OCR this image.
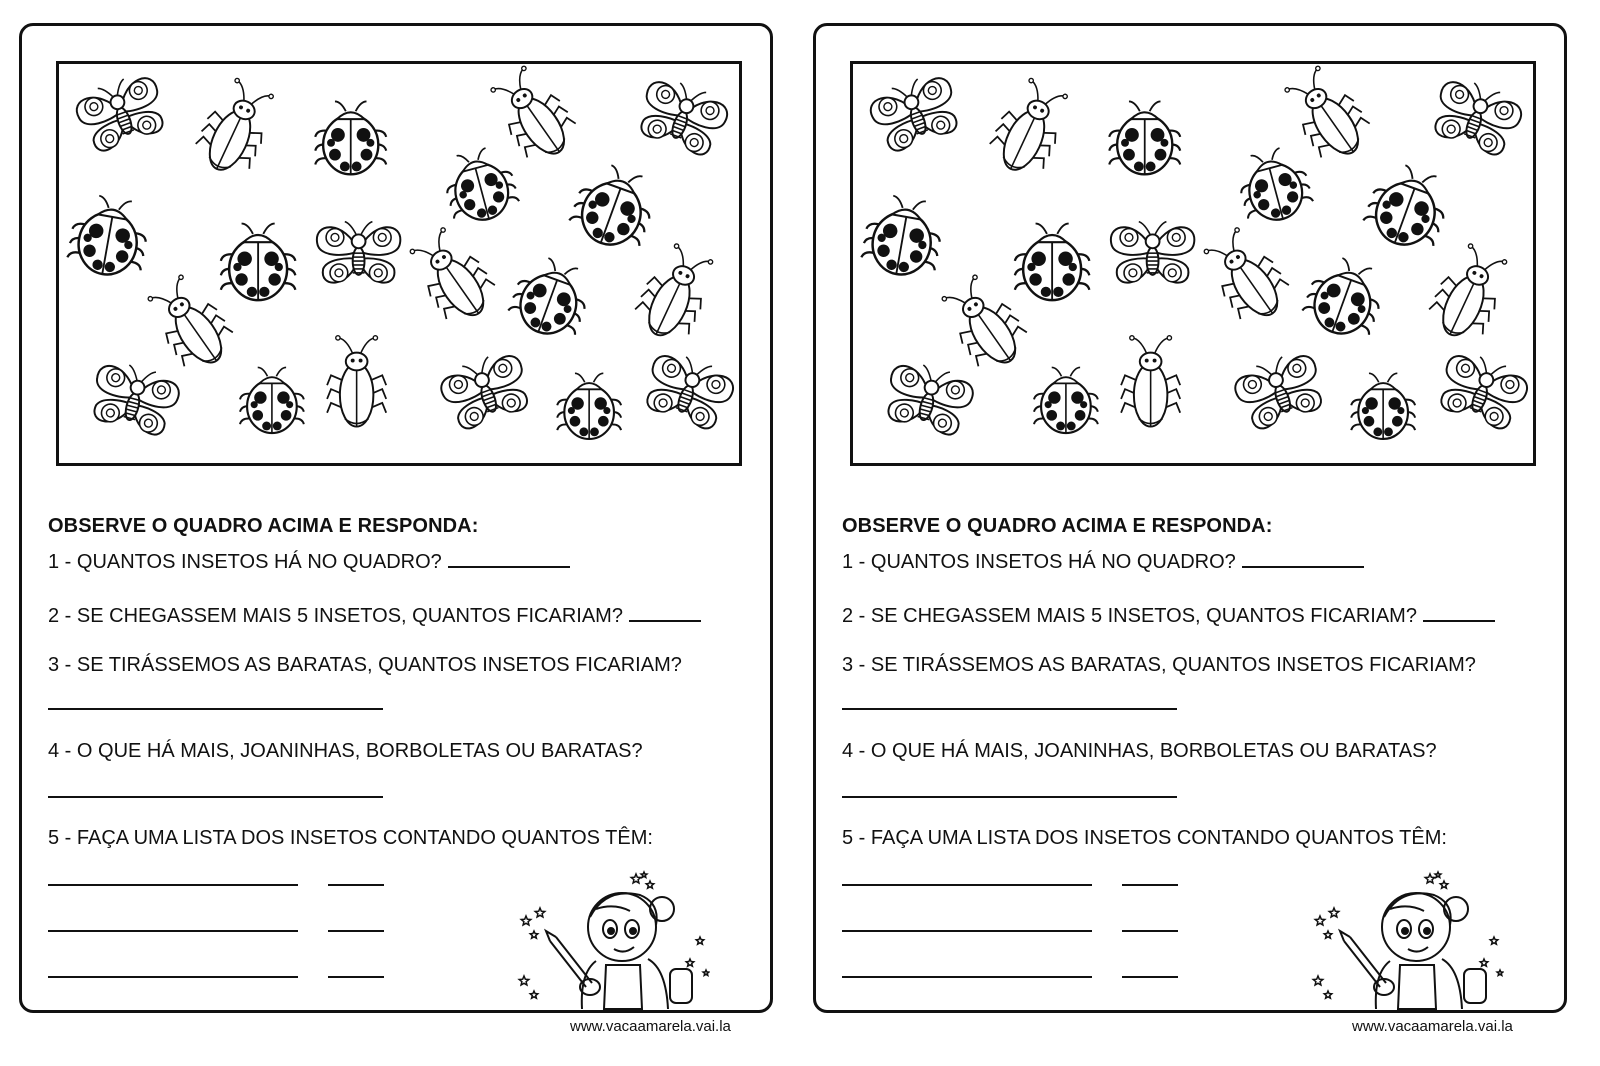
OBSERVE O QUADRO ACIMA E RESPONDA:
1 - QUANTOS INSETOS HÁ NO QUADRO?
2 - SE CHEGASSEM MAIS 5 INSETOS, QUANTOS FICARIAM?
3 - SE TIRÁSSEMOS AS BARATAS, QUANTOS INSETOS FICARIAM?
4 - O QUE HÁ MAIS, JOANINHAS, BORBOLETAS OU BARATAS?
5 - FAÇA UMA LISTA DOS INSETOS CONTANDO QUANTOS TÊM:
OBSERVE O QUADRO ACIMA E RESPONDA:
1 - QUANTOS INSETOS HÁ NO QUADRO?
2 - SE CHEGASSEM MAIS 5 INSETOS, QUANTOS FICARIAM?
3 - SE TIRÁSSEMOS AS BARATAS, QUANTOS INSETOS FICARIAM?
4 - O QUE HÁ MAIS, JOANINHAS, BORBOLETAS OU BARATAS?
5 - FAÇA UMA LISTA DOS INSETOS CONTANDO QUANTOS TÊM:
www.vacaamarela.vai.la	www.vacaamarela.vai.la
